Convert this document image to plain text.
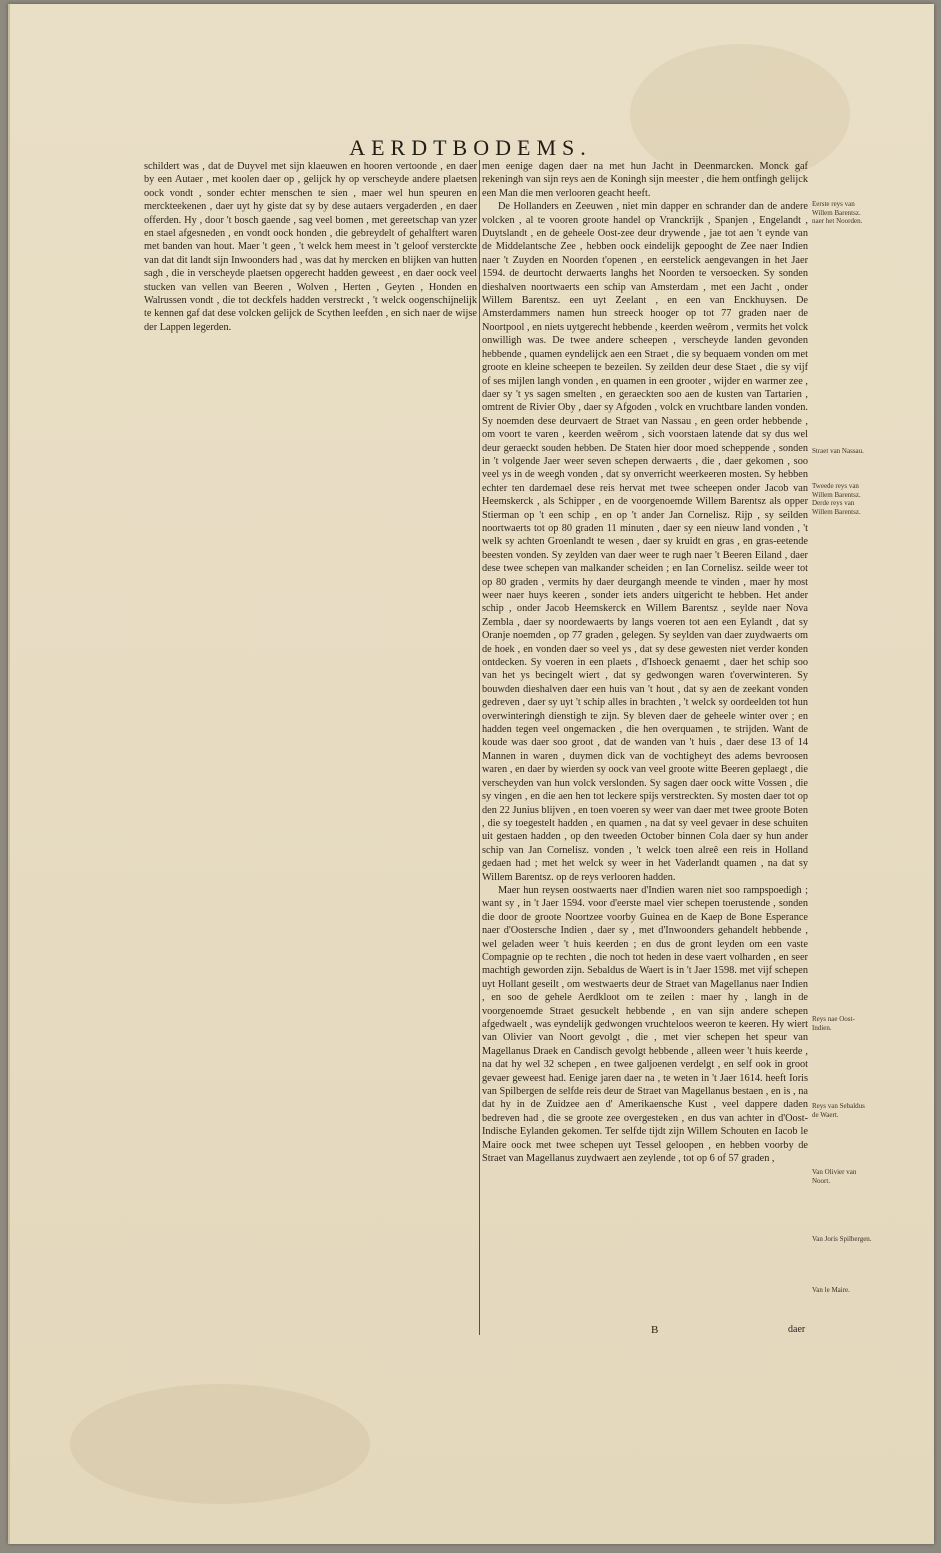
AERDTBODEMS.

schildert was , dat de Duyvel met sijn klaeuwen en hooren vertoonde , en daer by een Autaer , met koolen daer op , gelijck hy op verscheyde andere plaetsen oock vondt , sonder echter menschen te sien , maer wel hun speuren en merckteekenen , daer uyt hy giste dat sy by dese autaers vergaderden , en daer offerden. Hy , door 't bosch gaende , sag veel bomen , met gereetschap van yzer en stael afgesneden , en vondt oock honden , die gebreydelt of gehalftert waren met banden van hout. Maer 't geen , 't welck hem meest in 't geloof versterckte van dat dit landt sijn Inwoonders had , was dat hy mercken en blijken van hutten sagh , die in verscheyde plaetsen opgerecht hadden geweest , en daer oock veel stucken van vellen van Beeren , Wolven , Herten , Geyten , Honden en Walrussen vondt , die tot deckfels hadden verstreckt , 't welck oogenschijnelijk te kennen gaf dat dese volcken gelijck de Scythen leefden , en sich naer de wijse der Lappen legerden.

men eenige dagen daer na met hun Jacht in Deenmarcken. Monck gaf rekeningh van sijn reys aen de Koningh sijn meester , die hem ontfingh gelijck een Man die men verlooren geacht heeft.

De Hollanders en Zeeuwen , niet min dapper en schrander dan de andere volcken , al te vooren groote handel op Vranckrijk , Spanjen , Engelandt , Duytslandt , en de geheele Oost-zee deur drywende , jae tot aen 't eynde van de Middelantsche Zee , hebben oock eindelijk gepooght de Zee naer Indien naer 't Zuyden en Noorden t'openen , en eerstelick aengevangen in het Jaer 1594. de deurtocht derwaerts langhs het Noorden te versoecken. Sy sonden dieshalven noortwaerts een schip van Amsterdam , met een Jacht , onder Willem Barentsz. een uyt Zeelant , en een van Enckhuysen. De Amsterdammers namen hun streeck hooger op tot 77 graden naer de Noortpool , en niets uytgerecht hebbende , keerden weêrom , vermits het volck onwilligh was. De twee andere scheepen , verscheyde landen gevonden hebbende , quamen eyndelijck aen een Straet , die sy bequaem vonden om met groote en kleine scheepen te bezeilen. Sy zeilden deur dese Staet , die sy vijf of ses mijlen langh vonden , en quamen in een grooter , wijder en warmer zee , daer sy 't ys sagen smelten , en geraeckten soo aen de kusten van Tartarien , omtrent de Rivier Oby , daer sy Afgoden , volck en vruchtbare landen vonden. Sy noemden dese deurvaert de Straet van Nassau , en geen order hebbende , om voort te varen , keerden weêrom , sich voorstaen latende dat sy dus wel deur geraeckt souden hebben. De Staten hier door moed scheppende , sonden in 't volgende Jaer weer seven schepen derwaerts , die , daer gekomen , soo veel ys in de weegh vonden , dat sy onverricht weerkeeren mosten. Sy hebben echter ten dardemael dese reis hervat met twee scheepen onder Jacob van Heemskerck , als Schipper , en de voorgenoemde Willem Barentsz als opper Stierman op 't een schip , en op 't ander Jan Cornelisz. Rijp , sy seilden noortwaerts tot op 80 graden 11 minuten , daer sy een nieuw land vonden , 't welk sy achten Groenlandt te wesen , daer sy kruidt en gras , en gras-eetende beesten vonden. Sy zeylden van daer weer te rugh naer 't Beeren Eiland , daer dese twee schepen van malkander scheiden ; en Ian Cornelisz. seilde weer tot op 80 graden , vermits hy daer deurgangh meende te vinden , maer hy most weer naer huys keeren , sonder iets anders uitgericht te hebben. Het ander schip , onder Jacob Heemskerck en Willem Barentsz , seylde naer Nova Zembla , daer sy noordewaerts by langs voeren tot aen een Eylandt , dat sy Oranje noemden , op 77 graden , gelegen. Sy seylden van daer zuydwaerts om de hoek , en vonden daer so veel ys , dat sy dese gewesten niet verder konden ontdecken. Sy voeren in een plaets , d'Ishoeck genaemt , daer het schip soo van het ys becingelt wiert , dat sy gedwongen waren t'overwinteren. Sy bouwden dieshalven daer een huis van 't hout , dat sy aen de zeekant vonden gedreven , daer sy uyt 't schip alles in brachten , 't welck sy oordeelden tot hun overwinteringh dienstigh te zijn. Sy bleven daer de geheele winter over ; en hadden tegen veel ongemacken , die hen overquamen , te strijden. Want de koude was daer soo groot , dat de wanden van 't huis , daer dese 13 of 14 Mannen in waren , duymen dick van de vochtigheyt des adems bevroosen waren , en daer by wierden sy oock van veel groote witte Beeren geplaegt , die verscheyden van hun volck verslonden. Sy sagen daer oock witte Vossen , die sy vingen , en die aen hen tot leckere spijs verstreckten. Sy mosten daer tot op den 22 Junius blijven , en toen voeren sy weer van daer met twee groote Boten , die sy toegestelt hadden , en quamen , na dat sy veel gevaer in dese schuiten uit gestaen hadden , op den tweeden October binnen Cola daer sy hun ander schip van Jan Cornelisz. vonden , 't welck toen alreê een reis in Holland gedaen had ; met het welck sy weer in het Vaderlandt quamen , na dat sy Willem Barentsz. op de reys verlooren hadden.

Maer hun reysen oostwaerts naer d'Indien waren niet soo rampspoedigh ; want sy , in 't Jaer 1594. voor d'eerste mael vier schepen toerustende , sonden die door de groote Noortzee voorby Guinea en de Kaep de Bone Esperance naer d'Oostersche Indien , daer sy , met d'Inwoonders gehandelt hebbende , wel geladen weer 't huis keerden ; en dus de gront leyden om een vaste Compagnie op te rechten , die noch tot heden in dese vaert volharden , en seer machtigh geworden zijn. Sebaldus de Waert is in 't Jaer 1598. met vijf schepen uyt Hollant geseilt , om westwaerts deur de Straet van Magellanus naer Indien , en soo de gehele Aerdkloot om te zeilen : maer hy , langh in de voorgenoemde Straet gesuckelt hebbende , en van sijn andere schepen afgedwaelt , was eyndelijk gedwongen vruchteloos weeron te keeren. Hy wiert van Olivier van Noort gevolgt , die , met vier schepen het speur van Magellanus Draek en Candisch gevolgt hebbende , alleen weer 't huis keerde , na dat hy wel 32 schepen , en twee galjoenen verdelgt , en self ook in groot gevaer geweest had. Eenige jaren daer na , te weten in 't Jaer 1614. heeft Ioris van Spilbergen de selfde reis deur de Straet van Magellanus bestaen , en is , na dat hy in de Zuidzee aen d' Amerikaensche Kust , veel dappere daden bedreven had , die se groote zee overgesteken , en dus van achter in d'Oost-Indische Eylanden gekomen. Ter selfde tijdt zijn Willem Schouten en Iacob le Maire oock met twee schepen uyt Tessel geloopen , en hebben voorby de Straet van Magellanus zuydwaert aen zeylende , tot op 6 of 57 graden ,

Eerste reys van Willem Barentsz. naer het Noorden.
Straet van Nassau.
Tweede reys van Willem Barentsz. Derde reys van Willem Barentsz.
Reys nae Oost-Indien.
Reys van Sebaldus de Waert.
Van Olivier van Noort.
Van Joris Spilbergen.
Van le Maire.
B	daer
